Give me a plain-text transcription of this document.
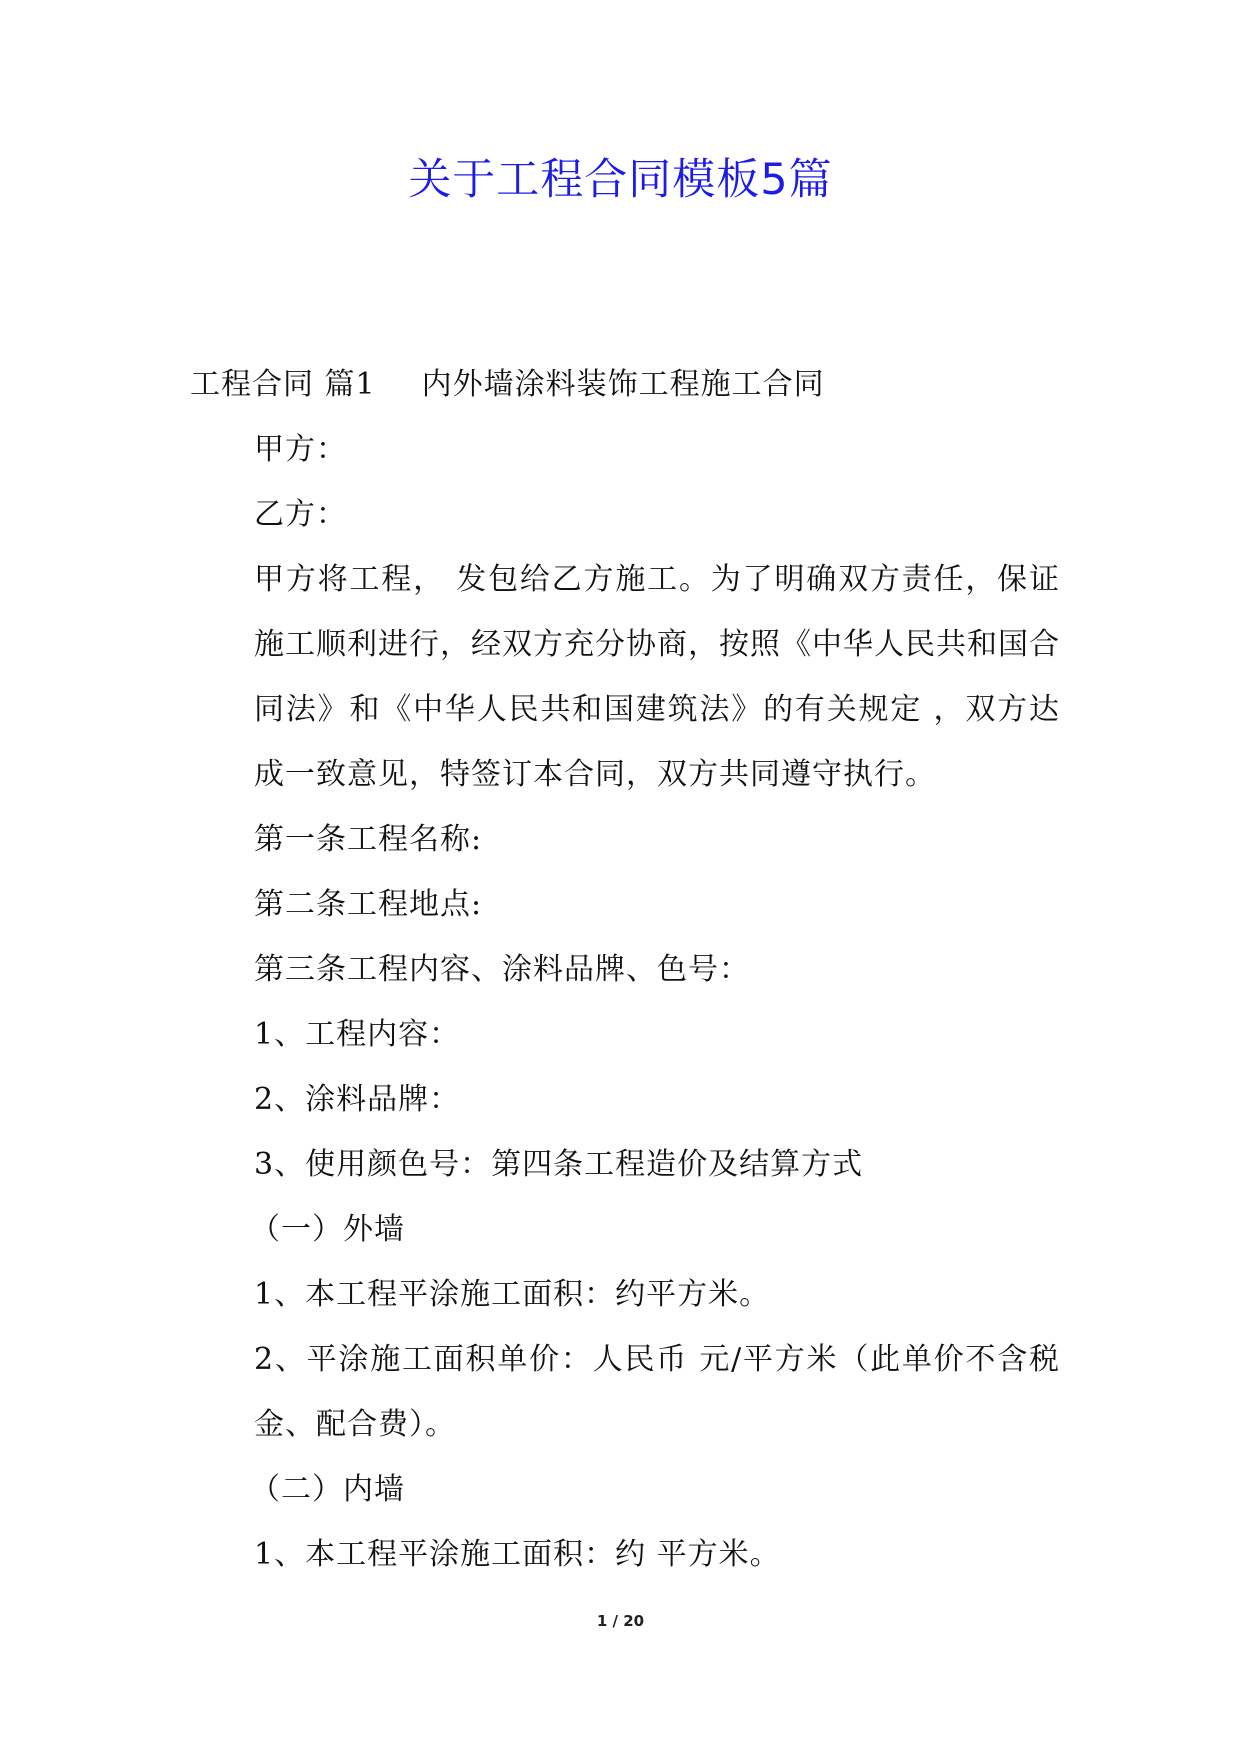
关于工程合同模板5篇

工程合同 篇1 内外墙涂料装饰工程施工合同

甲方：

乙方：

甲方将工程， 发包给乙方施工。为了明确双方责任，保证施工顺利进行，经双方充分协商，按照《中华人民共和国合同法》和《中华人民共和国建筑法》的有关规定 ，双方达成一致意见，特签订本合同，双方共同遵守执行。

第一条工程名称:

第二条工程地点:

第三条工程内容、涂料品牌、色号：

1、工程内容：

2、涂料品牌：

3、使用颜色号：第四条工程造价及结算方式

（一）外墙

1、本工程平涂施工面积：约平方米。

2、平涂施工面积单价：人民币 元/平方米（此单价不含税金、配合费）。

（二）内墙

1、本工程平涂施工面积：约 平方米。

1 / 20
